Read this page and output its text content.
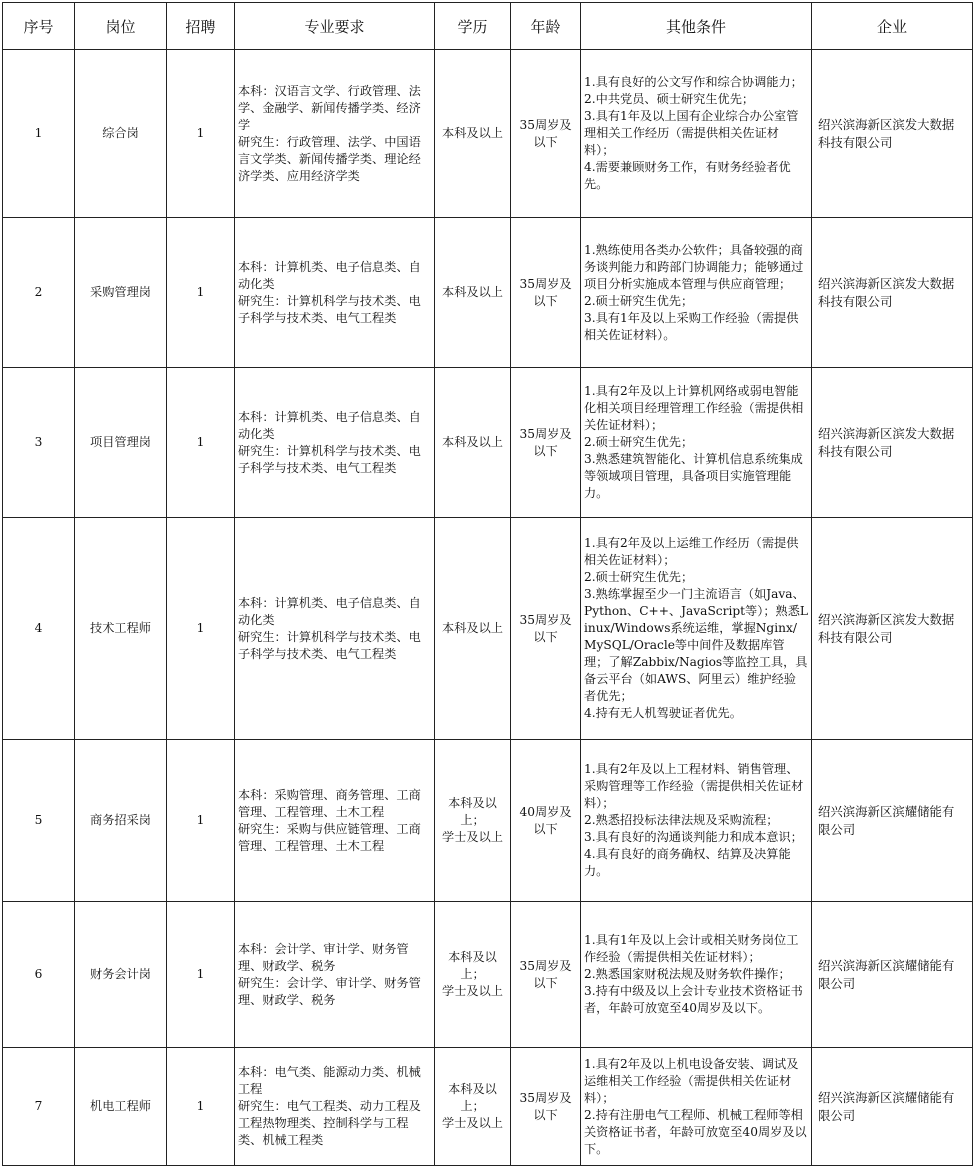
序号	岗位	招聘	专业要求	学历	年龄	其他条件	企业
1	综合岗	1	本科：汉语言文学、行政管理、法学、金融学、新闻传播学类、经济学
研究生：行政管理、法学、中国语言文学类、新闻传播学类、理论经济学类、应用经济学类	本科及以上	35周岁及以下	1.具有良好的公文写作和综合协调能力；
2.中共党员、硕士研究生优先；
3.具有1年及以上国有企业综合办公室管理相关工作经历（需提供相关佐证材料）；
4.需要兼顾财务工作，有财务经验者优先。	绍兴滨海新区滨发大数据科技有限公司
2	采购管理岗	1	本科：计算机类、电子信息类、自动化类
研究生：计算机科学与技术类、电子科学与技术类、电气工程类	本科及以上	35周岁及以下	1.熟练使用各类办公软件；具备较强的商务谈判能力和跨部门协调能力；能够通过项目分析实施成本管理与供应商管理；
2.硕士研究生优先；
3.具有1年及以上采购工作经验（需提供相关佐证材料）。	绍兴滨海新区滨发大数据科技有限公司
3	项目管理岗	1	本科：计算机类、电子信息类、自动化类
研究生：计算机科学与技术类、电子科学与技术类、电气工程类	本科及以上	35周岁及以下	1.具有2年及以上计算机网络或弱电智能化相关项目经理管理工作经验（需提供相关佐证材料）；
2.硕士研究生优先；
3.熟悉建筑智能化、计算机信息系统集成等领域项目管理，具备项目实施管理能力。	绍兴滨海新区滨发大数据科技有限公司
4	技术工程师	1	本科：计算机类、电子信息类、自动化类
研究生：计算机科学与技术类、电子科学与技术类、电气工程类	本科及以上	35周岁及以下	1.具有2年及以上运维工作经历（需提供相关佐证材料）；
2.硕士研究生优先；
3.熟练掌握至少一门主流语言（如Java、Python、C++、JavaScript等）；熟悉Linux/Windows系统运维，掌握Nginx/MySQL/Oracle等中间件及数据库管理；了解Zabbix/Nagios等监控工具，具备云平台（如AWS、阿里云）维护经验者优先；
4.持有无人机驾驶证者优先。	绍兴滨海新区滨发大数据科技有限公司
5	商务招采岗	1	本科：采购管理、商务管理、工商管理、工程管理、土木工程
研究生：采购与供应链管理、工商管理、工程管理、土木工程	本科及以上；
学士及以上	40周岁及以下	1.具有2年及以上工程材料、销售管理、采购管理等工作经验（需提供相关佐证材料）；
2.熟悉招投标法律法规及采购流程；
3.具有良好的沟通谈判能力和成本意识；
4.具有良好的商务确权、结算及决算能力。	绍兴滨海新区滨耀储能有限公司
6	财务会计岗	1	本科：会计学、审计学、财务管理、财政学、税务
研究生：会计学、审计学、财务管理、财政学、税务	本科及以上；
学士及以上	35周岁及以下	1.具有1年及以上会计或相关财务岗位工作经验（需提供相关佐证材料）；
2.熟悉国家财税法规及财务软件操作；
3.持有中级及以上会计专业技术资格证书者，年龄可放宽至40周岁及以下。	绍兴滨海新区滨耀储能有限公司
7	机电工程师	1	本科：电气类、能源动力类、机械工程
研究生：电气工程类、动力工程及工程热物理类、控制科学与工程类、机械工程类	本科及以上；
学士及以上	35周岁及以下	1.具有2年及以上机电设备安装、调试及运维相关工作经验（需提供相关佐证材料）；
2.持有注册电气工程师、机械工程师等相关资格证书者，年龄可放宽至40周岁及以下。	绍兴滨海新区滨耀储能有限公司
